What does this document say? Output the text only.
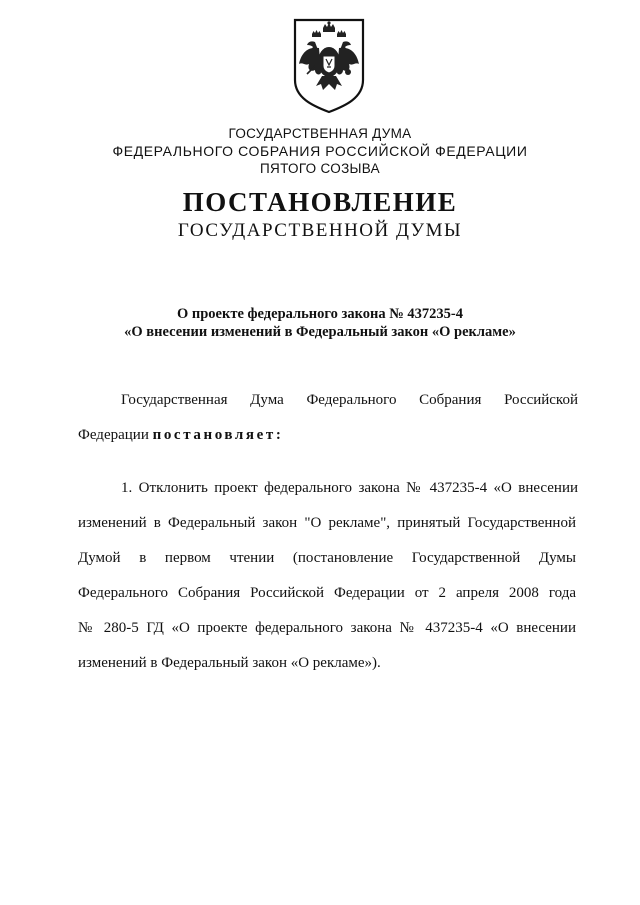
ГОСУДАРСТВЕННАЯ ДУМА
ФЕДЕРАЛЬНОГО СОБРАНИЯ РОССИЙСКОЙ ФЕДЕРАЦИИ
ПЯТОГО СОЗЫВА
ПОСТАНОВЛЕНИЕ
ГОСУДАРСТВЕННОЙ ДУМЫ
О проекте федерального закона № 437235-4
«О внесении изменений в Федеральный закон «О рекламе»
Государственная Дума Федерального Собрания Российской
Федерации постановляет:
1. Отклонить проект федерального закона № 437235-4 «О внесении
изменений в Федеральный закон "О рекламе", принятый Государственной
Думой в первом чтении (постановление Государственной Думы
Федерального Собрания Российской Федерации от 2 апреля 2008 года
№ 280-5 ГД «О проекте федерального закона № 437235-4 «О внесении
изменений в Федеральный закон «О рекламе»).
